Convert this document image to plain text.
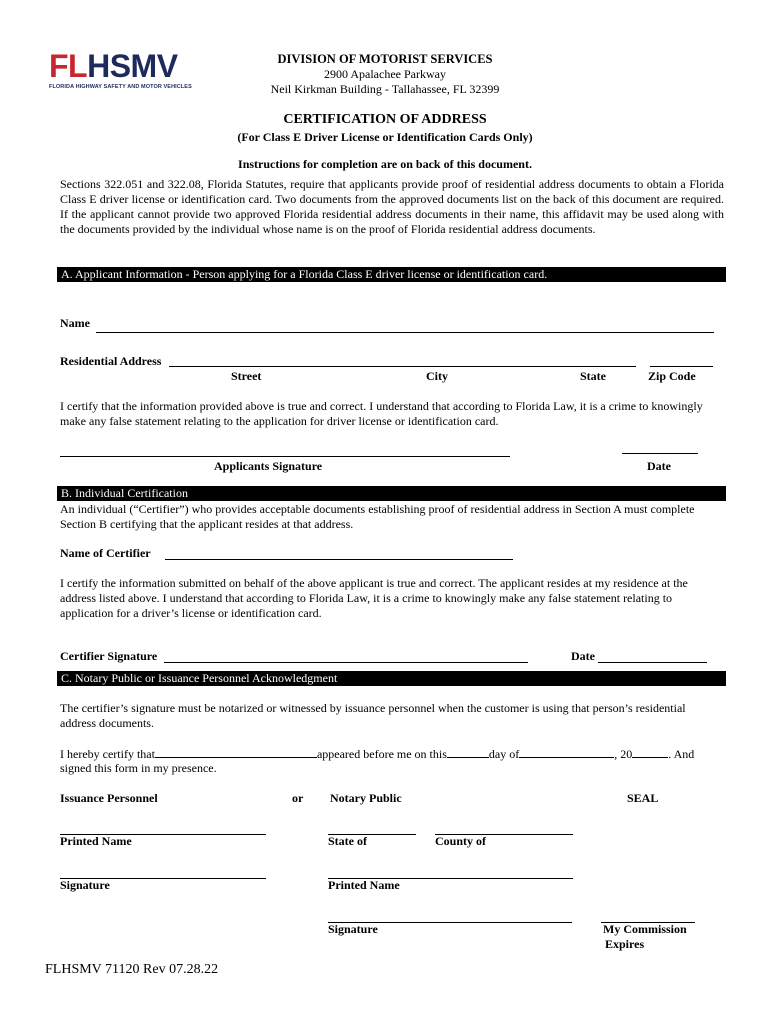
FLHSMV
FLORIDA HIGHWAY SAFETY AND MOTOR VEHICLES
DIVISION OF MOTORIST SERVICES
2900 Apalachee Parkway
Neil Kirkman Building - Tallahassee, FL 32399
CERTIFICATION OF ADDRESS
(For Class E Driver License or Identification Cards Only)
Instructions for completion are on back of this document.
Sections 322.051 and 322.08, Florida Statutes, require that applicants provide proof of residential address documents to obtain a Florida Class E driver license or identification card. Two documents from the approved documents list on the back of this document are required. If the applicant cannot provide two approved Florida residential address documents in their name, this affidavit may be used along with the documents provided by the individual whose name is on the proof of Florida residential address documents.
A. Applicant Information - Person applying for a Florida Class E driver license or identification card.
Name
Residential Address
Street	City	State	Zip Code
I certify that the information provided above is true and correct. I understand that according to Florida Law, it is a crime to knowingly make any false statement relating to the application for driver license or identification card.
Applicants Signature	Date
B. Individual Certification
An individual (“Certifier”) who provides acceptable documents establishing proof of residential address in Section A must complete Section B certifying that the applicant resides at that address.
Name of Certifier
I certify the information submitted on behalf of the above applicant is true and correct. The applicant resides at my residence at the address listed above. I understand that according to Florida Law, it is a crime to knowingly make any false statement relating to application for a driver’s license or identification card.
Certifier Signature	Date
C. Notary Public or Issuance Personnel Acknowledgment
The certifier’s signature must be notarized or witnessed by issuance personnel when the customer is using that person’s residential address documents.
I hereby certify that	appeared before me on this	day of	, 20	. And
signed this form in my presence.
Issuance Personnel	or Notary Public	SEAL
Printed Name	State of	County of
Signature	Printed Name
Signature	My Commission
Expires
FLHSMV 71120 Rev 07.28.22
